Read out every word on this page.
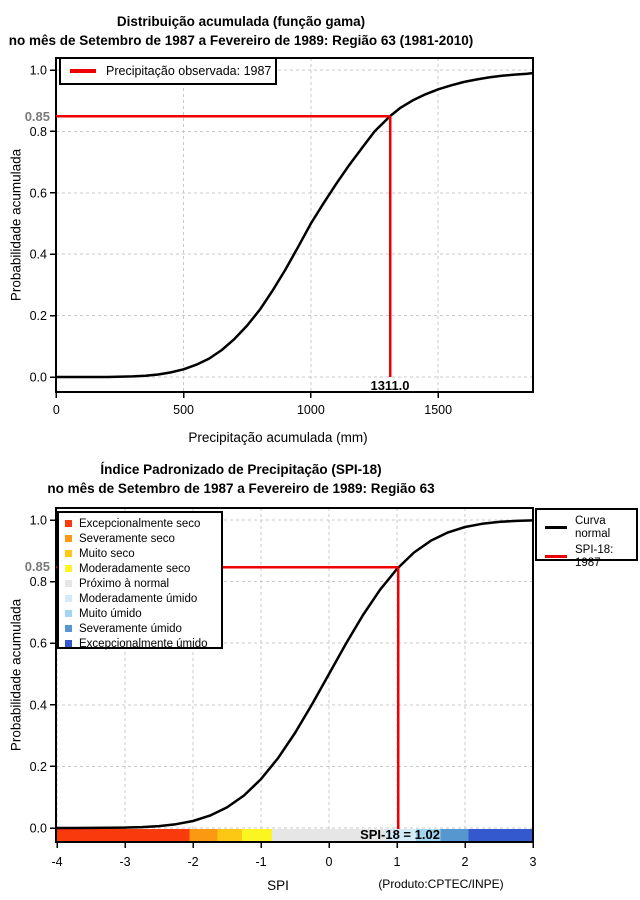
0	500	1000	1500
0.0
0.2
0.4
0.6
0.8
1.0
-4	-3	-2	-1	0	1	2	3
0.0
0.2
0.4
0.6
0.8
1.0
Distribuição acumulada (função gama)
no mês de Setembro de 1987 a Fevereiro de 1989: Região 63 (1981-2010)
Precipitação acumulada (mm)
Probabilidade acumulada
0.85
1311.0
Precipitação observada: 1987
Índice Padronizado de Precipitação (SPI-18)
no mês de Setembro de 1987 a Fevereiro de 1989: Região 63
SPI
Probabilidade acumulada
0.85
SPI-18 = 1.02
(Produto:CPTEC/INPE)
Excepcionalmente seco
Severamente seco
Muito seco
Moderadamente seco
Próximo à normal
Moderadamente úmido
Muito úmido
Severamente úmido
Excepcionalmente úmido
Curva normal
SPI-18: 1987
